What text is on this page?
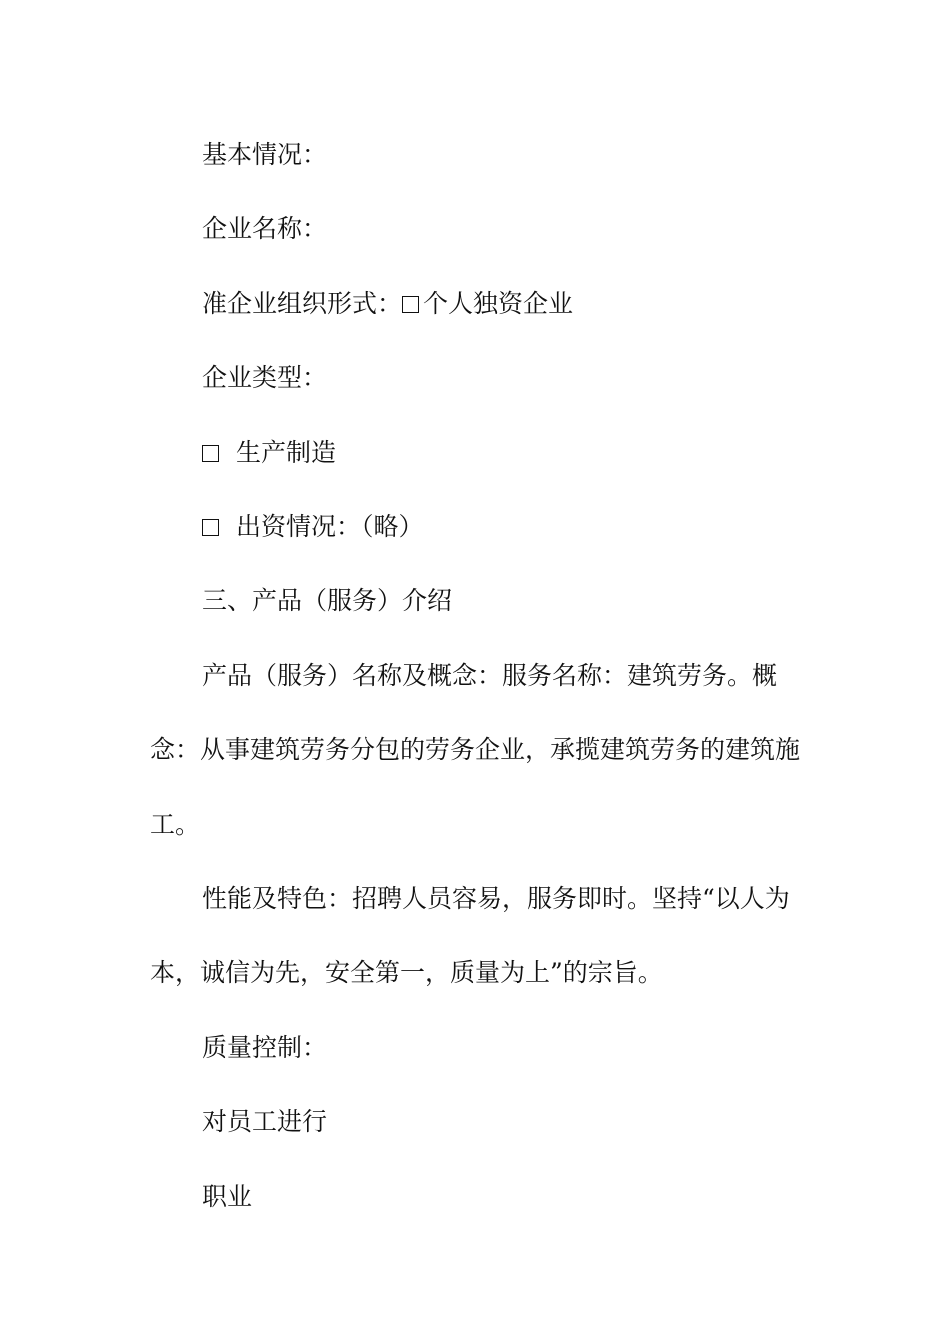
基本情况：

企业名称：

准企业组织形式： 个人独资企业

企业类型：

生产制造

出资情况：（略）

三、产品（服务）介绍

产品（服务）名称及概念：服务名称：建筑劳务。概念：从事建筑劳务分包的劳务企业，承揽建筑劳务的建筑施工。

性能及特色：招聘人员容易，服务即时。坚持“以人为本，诚信为先，安全第一，质量为上”的宗旨。

质量控制：

对员工进行

职业
